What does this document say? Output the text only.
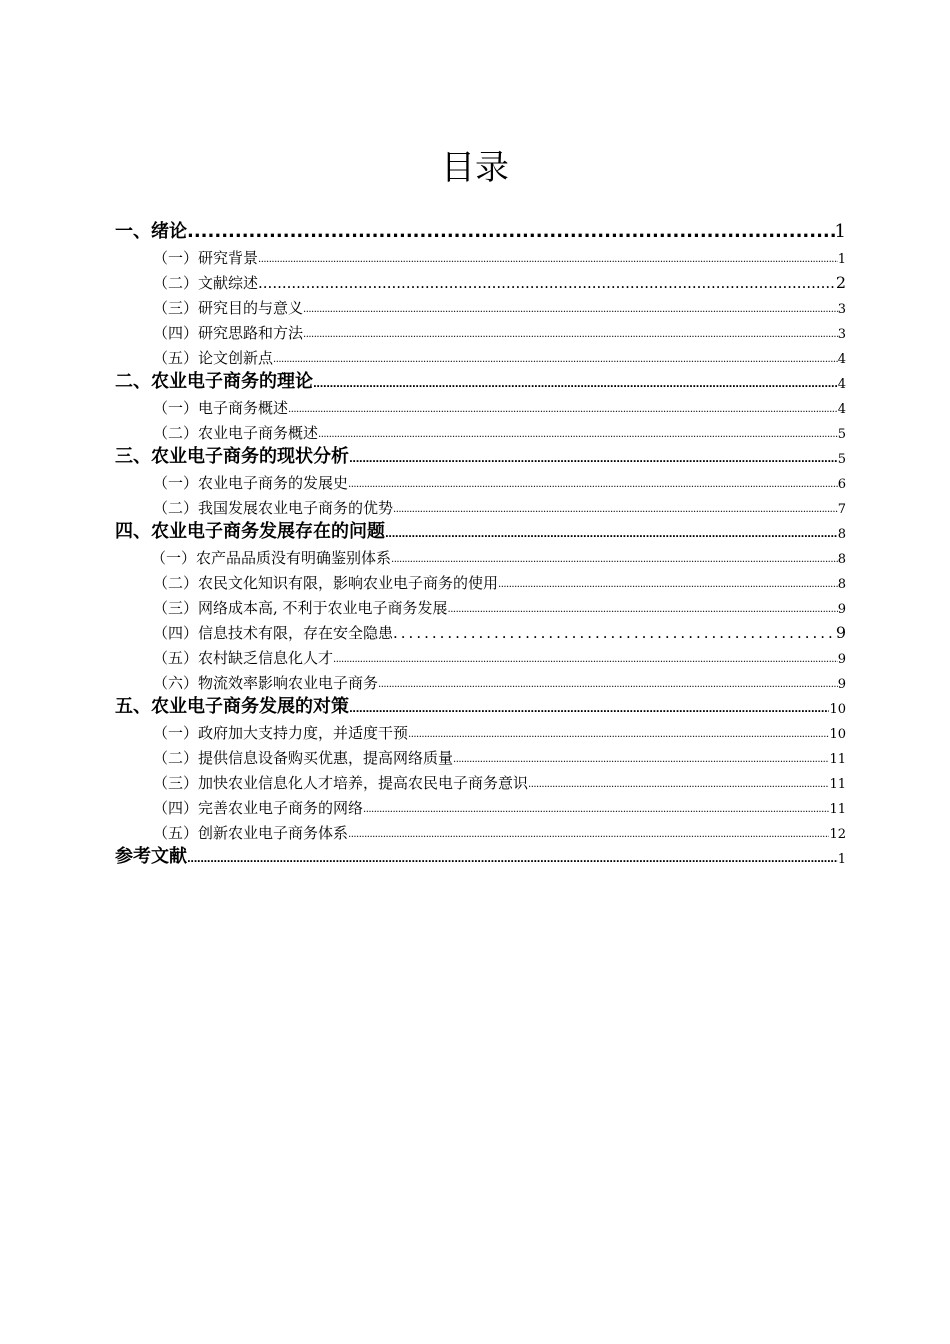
目录
一、绪论 .....	1
（一）研究背景 .....	1
（二）文献综述 .....	2
（三）研究目的与意义 .....	3
（四）研究思路和方法 .....	3
（五）论文创新点 .....	4
二、农业电子商务的理论 .....	4
（一）电子商务概述 .....	4
（二）农业电子商务概述 .....	5
三、农业电子商务的现状分析 .....	5
（一）农业电子商务的发展史 .....	6
（二）我国发展农业电子商务的优势 .....	7
四、农业电子商务发展存在的问题 .....	8
（一）农产品品质没有明确鉴别体系 .....	8
（二）农民文化知识有限，影响农业电子商务的使用 .....	8
（三）网络成本高, 不利于农业电子商务发展 .....	9
（四）信息技术有限，存在安全隐患 .....	9
（五）农村缺乏信息化人才 .....	9
（六）物流效率影响农业电子商务 .....	9
五、农业电子商务发展的对策 .....	10
（一）政府加大支持力度，并适度干预 .....	10
（二）提供信息设备购买优惠，提高网络质量 .....	11
（三）加快农业信息化人才培养，提高农民电子商务意识 .....	11
（四）完善农业电子商务的网络 .....	11
（五）创新农业电子商务体系 .....	12
参考文献 .....	1
